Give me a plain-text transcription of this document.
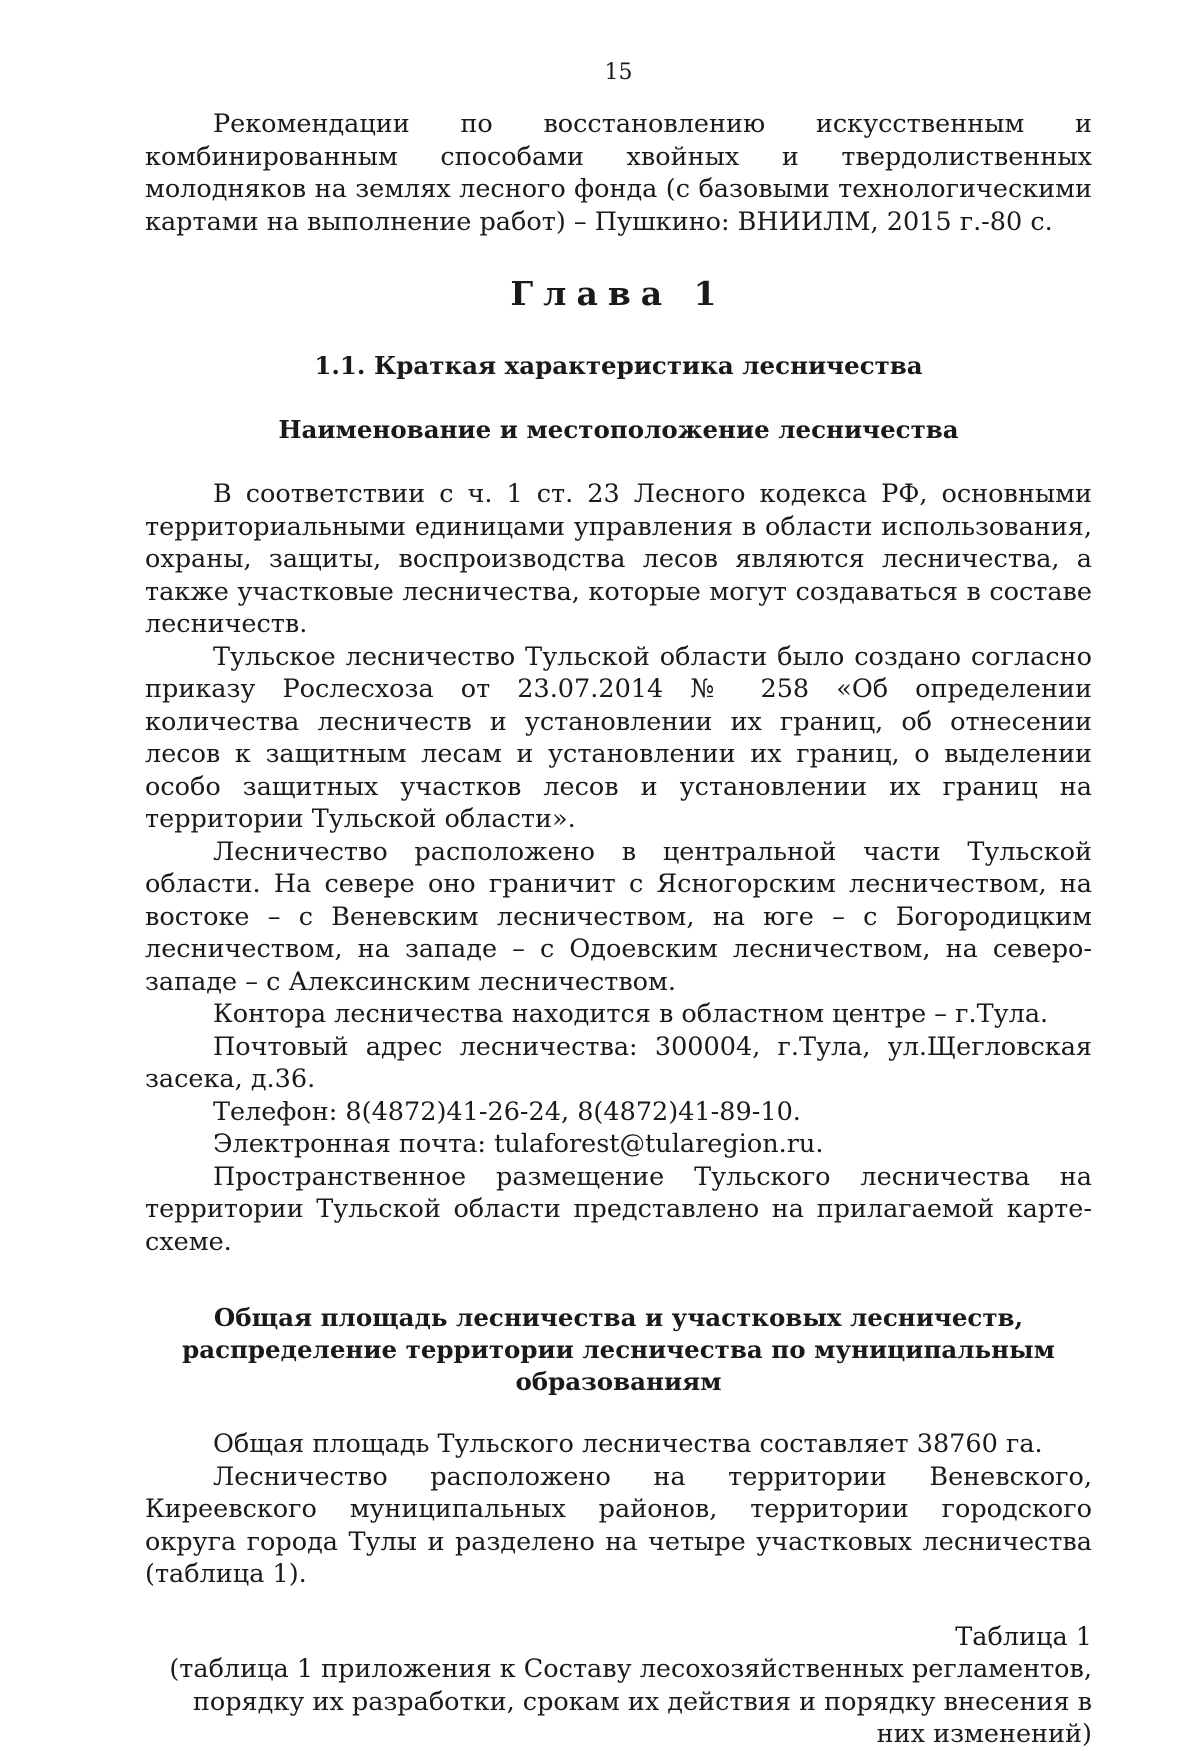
15

Рекомендации по восстановлению искусственным и комбинированным способами хвойных и твердолиственных молодняков на землях лесного фонда (с базовыми технологическими картами на выполнение работ) – Пушкино: ВНИИЛМ, 2015 г.-80 с.

Глава 1
1.1. Краткая характеристика лесничества
Наименование и местоположение лесничества

В соответствии с ч. 1 ст. 23 Лесного кодекса РФ, основными территориальными единицами управления в области использования, охраны, защиты, воспроизводства лесов являются лесничества, а также участковые лесничества, которые могут создаваться в составе лесничеств.

Тульское лесничество Тульской области было создано согласно приказу Рослесхоза от 23.07.2014 № 258 «Об определении количества лесничеств и установлении их границ, об отнесении лесов к защитным лесам и установлении их границ, о выделении особо защитных участков лесов и установлении их границ на территории Тульской области».

Лесничество расположено в центральной части Тульской области. На севере оно граничит с Ясногорским лесничеством, на востоке – с Веневским лесничеством, на юге – с Богородицким лесничеством, на западе – с Одоевским лесничеством, на северо-западе – с Алексинским лесничеством.

Контора лесничества находится в областном центре – г.Тула.

Почтовый адрес лесничества: 300004, г.Тула, ул.Щегловская засека, д.36.

Телефон: 8(4872)41-26-24, 8(4872)41-89-10.

Электронная почта: tulaforest@tularegion.ru.

Пространственное размещение Тульского лесничества на территории Тульской области представлено на прилагаемой карте-схеме.

Общая площадь лесничества и участковых лесничеств,
распределение территории лесничества по муниципальным образованиям

Общая площадь Тульского лесничества составляет 38760 га.

Лесничество расположено на территории Веневского, Киреевского муниципальных районов, территории городского округа города Тулы и разделено на четыре участковых лесничества (таблица 1).

Таблица 1

(таблица 1 приложения к Составу лесохозяйственных регламентов, порядку их разработки, срокам их действия и порядку внесения в них изменений)
